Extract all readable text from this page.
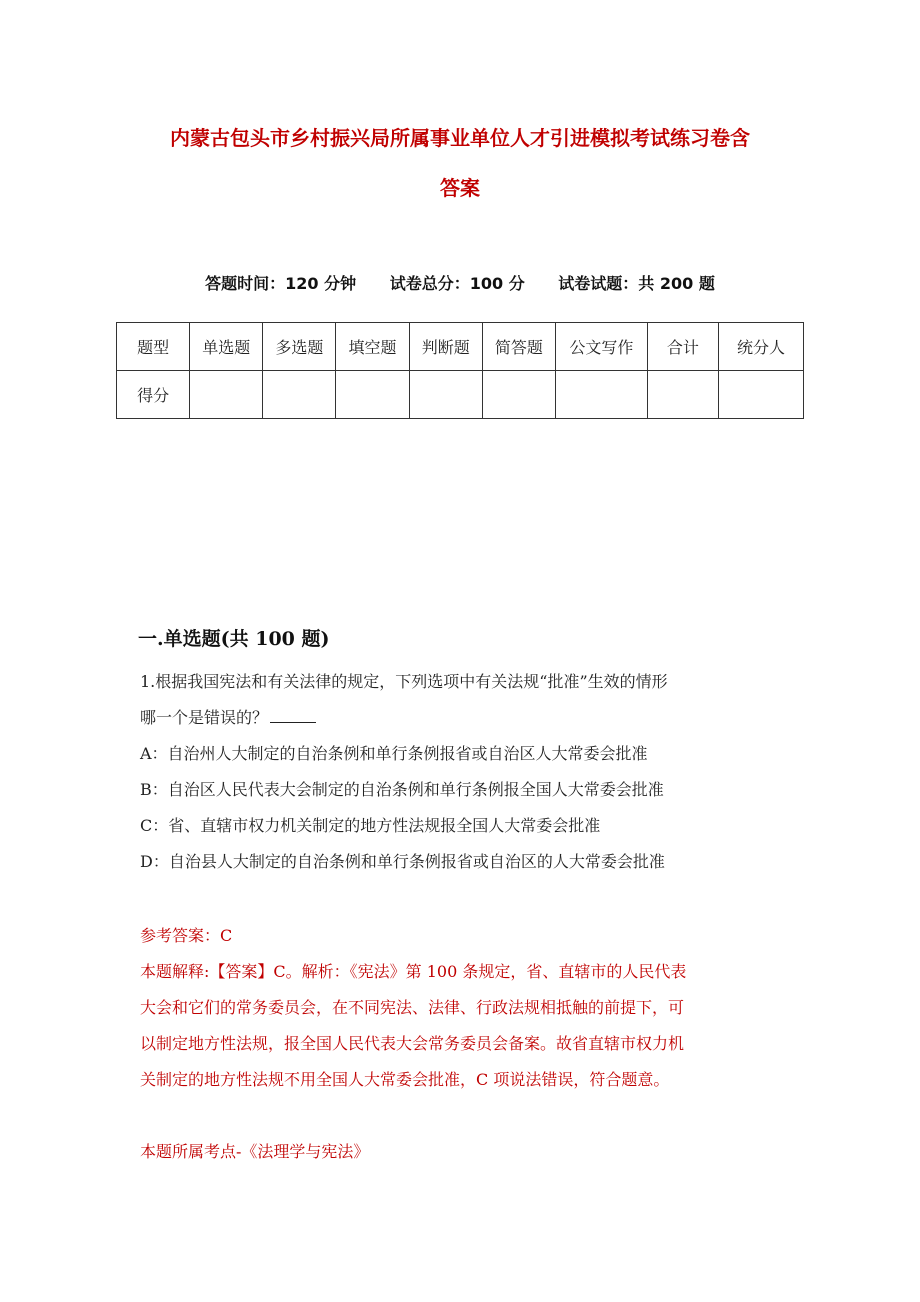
内蒙古包头市乡村振兴局所属事业单位人才引进模拟考试练习卷含
答案
答题时间：120 分钟 试卷总分：100 分 试卷试题：共 200 题
题型	单选题	多选题	填空题	判断题	简答题	公文写作	合计	统分人
得分								
一.单选题(共 100 题)
1.根据我国宪法和有关法律的规定，下列选项中有关法规“批准”生效的情形
哪一个是错误的？
A：自治州人大制定的自治条例和单行条例报省或自治区人大常委会批准
B：自治区人民代表大会制定的自治条例和单行条例报全国人大常委会批准
C：省、直辖市权力机关制定的地方性法规报全国人大常委会批准
D：自治县人大制定的自治条例和单行条例报省或自治区的人大常委会批准
参考答案：C
本题解释:【答案】C。解析：《宪法》第 100 条规定，省、直辖市的人民代表
大会和它们的常务委员会，在不同宪法、法律、行政法规相抵触的前提下，可
以制定地方性法规，报全国人民代表大会常务委员会备案。故省直辖市权力机
关制定的地方性法规不用全国人大常委会批准，C 项说法错误，符合题意。
本题所属考点-《法理学与宪法》
